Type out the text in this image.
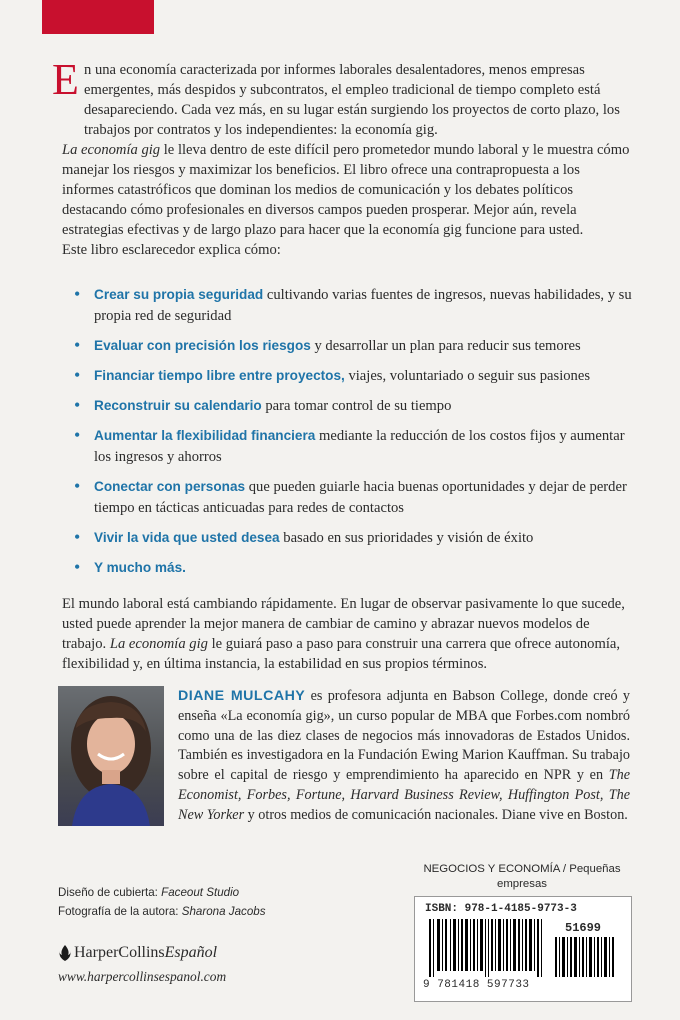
E n una economía caracterizada por informes laborales desalentadores, menos empresas emergentes, más despidos y subcontratos, el empleo tradicional de tiempo completo está desapareciendo. Cada vez más, en su lugar están surgiendo los proyectos de corto plazo, los trabajos por contratos y los independientes: la economía gig.

La economía gig le lleva dentro de este difícil pero prometedor mundo laboral y le muestra cómo manejar los riesgos y maximizar los beneficios. El libro ofrece una contrapropuesta a los informes catastróficos que dominan los medios de comunicación y los debates políticos destacando cómo profesionales en diversos campos pueden prosperar. Mejor aún, revela estrategias efectivas y de largo plazo para hacer que la economía gig funcione para usted.

Este libro esclarecedor explica cómo:

• Crear su propia seguridad cultivando varias fuentes de ingresos, nuevas habilidades, y su propia red de seguridad
• Evaluar con precisión los riesgos y desarrollar un plan para reducir sus temores
• Financiar tiempo libre entre proyectos, viajes, voluntariado o seguir sus pasiones
• Reconstruir su calendario para tomar control de su tiempo
• Aumentar la flexibilidad financiera mediante la reducción de los costos fijos y aumentar los ingresos y ahorros
• Conectar con personas que pueden guiarle hacia buenas oportunidades y dejar de perder tiempo en tácticas anticuadas para redes de contactos
• Vivir la vida que usted desea basado en sus prioridades y visión de éxito
• Y mucho más.

El mundo laboral está cambiando rápidamente. En lugar de observar pasivamente lo que sucede, usted puede aprender la mejor manera de cambiar de camino y abrazar nuevos modelos de trabajo. La economía gig le guiará paso a paso para construir una carrera que ofrece autonomía, flexibilidad y, en última instancia, la estabilidad en sus propios términos.

DIANE MULCAHY es profesora adjunta en Babson College, donde creó y enseña «La economía gig», un curso popular de MBA que Forbes.com nombró como una de las diez clases de negocios más innovadoras de Estados Unidos. También es investigadora en la Fundación Ewing Marion Kauffman. Su trabajo sobre el capital de riesgo y emprendimiento ha aparecido en NPR y en The Economist, Forbes, Fortune, Harvard Business Review, Huffington Post, The New Yorker y otros medios de comunicación nacionales. Diane vive en Boston.

Diseño de cubierta: Faceout Studio
Fotografía de la autora: Sharona Jacobs
HarperCollins Español
www.harpercollinsespanol.com
NEGOCIOS Y ECONOMÍA / Pequeñas empresas
ISBN: 978-1-4185-9773-3
51699
9 781418 597733
